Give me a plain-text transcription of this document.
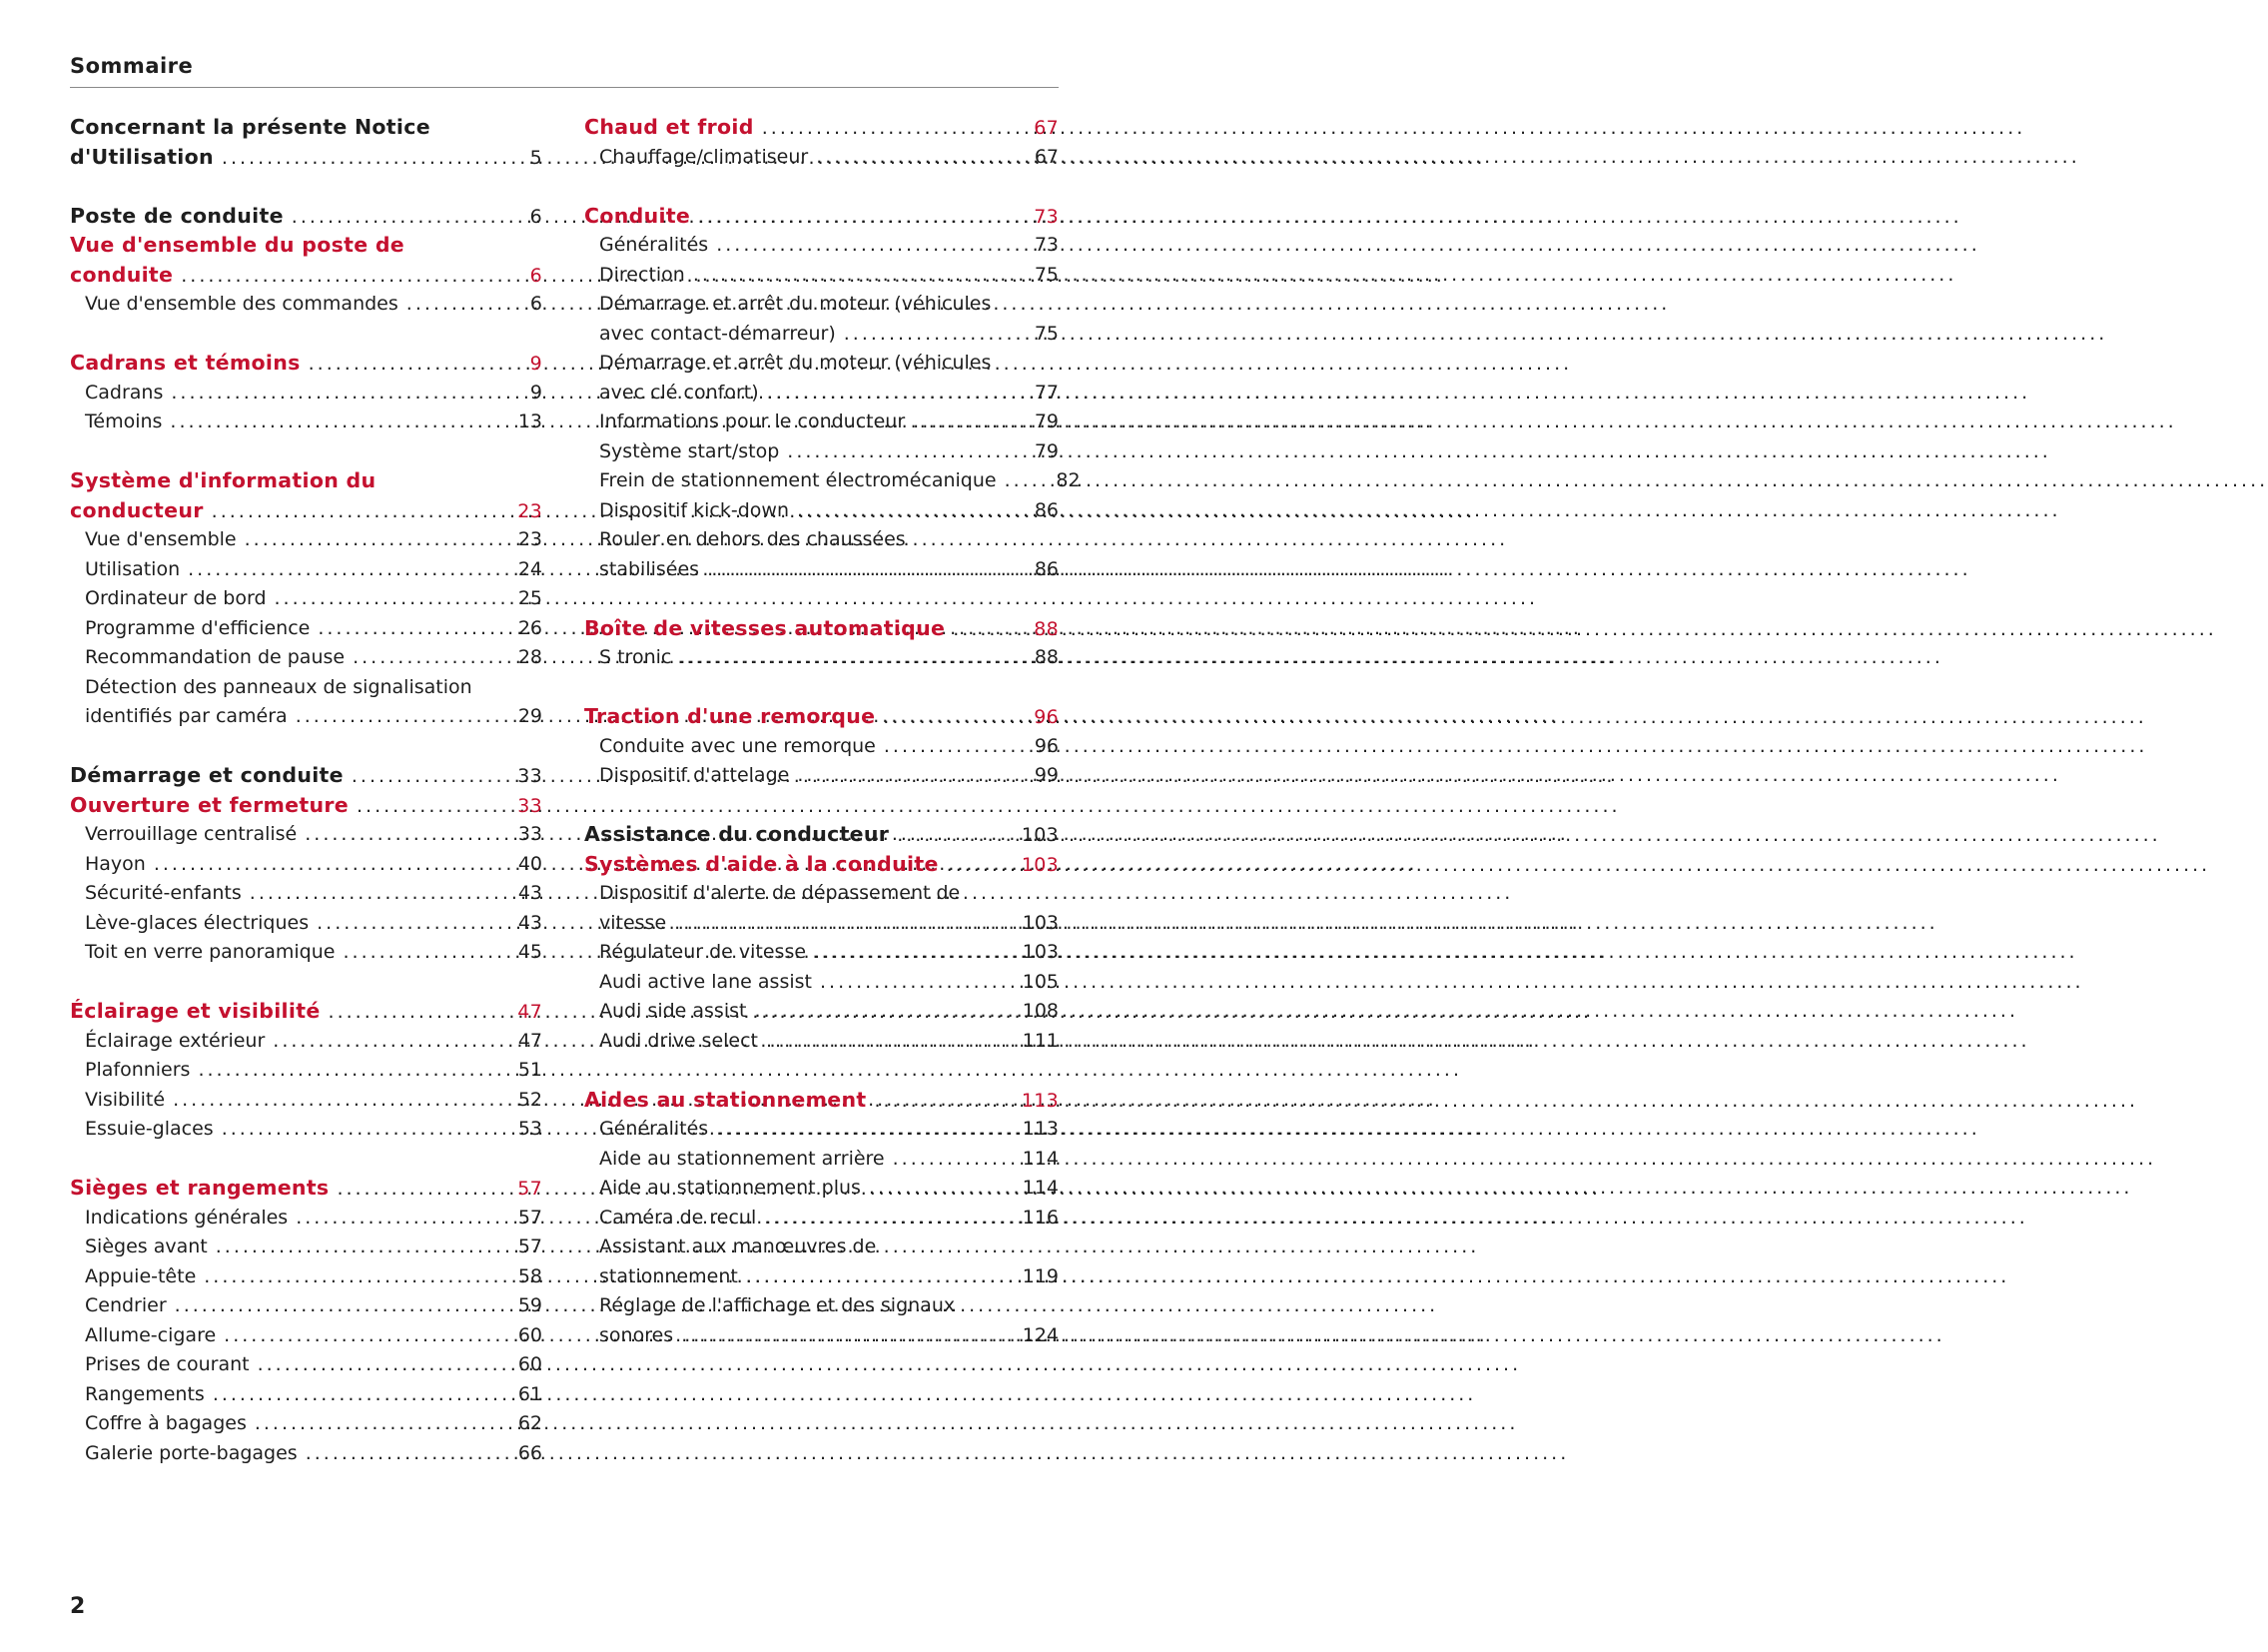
Sommaire
Concernant la présente Notice
d'Utilisation .....	5
Poste de conduite .....	6
Vue d'ensemble du poste de
conduite .....	6
Vue d'ensemble des commandes .....	6
Cadrans et témoins .....	9
Cadrans .....	9
Témoins .....	13
Système d'information du
conducteur .....	23
Vue d'ensemble .....	23
Utilisation .....	24
Ordinateur de bord .....	25
Programme d'efficience .....	26
Recommandation de pause .....	28
Détection des panneaux de signalisation
identifiés par caméra .....	29
Démarrage et conduite .....	33
Ouverture et fermeture .....	33
Verrouillage centralisé .....	33
Hayon .....	40
Sécurité-enfants .....	43
Lève-glaces électriques .....	43
Toit en verre panoramique .....	45
Éclairage et visibilité .....	47
Éclairage extérieur .....	47
Plafonniers .....	51
Visibilité .....	52
Essuie-glaces .....	53
Sièges et rangements .....	57
Indications générales .....	57
Sièges avant .....	57
Appuie-tête .....	58
Cendrier .....	59
Allume-cigare .....	60
Prises de courant .....	60
Rangements .....	61
Coffre à bagages .....	62
Galerie porte-bagages .....	66
Chaud et froid .....	67
Chauffage/climatiseur .....	67
Conduite .....	73
Généralités .....	73
Direction .....	75
Démarrage et arrêt du moteur (véhicules
avec contact-démarreur) .....	75
Démarrage et arrêt du moteur (véhicules
avec clé confort) .....	77
Informations pour le conducteur .....	79
Système start/stop .....	79
Frein de stationnement électromécanique .....	82
Dispositif kick-down .....	86
Rouler en dehors des chaussées
stabilisées .....	86
Boîte de vitesses automatique .....	88
S tronic .....	88
Traction d'une remorque .....	96
Conduite avec une remorque .....	96
Dispositif d'attelage .....	99
Assistance du conducteur .....	103
Systèmes d'aide à la conduite .....	103
Dispositif d'alerte de dépassement de
vitesse .....	103
Régulateur de vitesse .....	103
Audi active lane assist .....	105
Audi side assist .....	108
Audi drive select .....	111
Aides au stationnement .....	113
Généralités .....	113
Aide au stationnement arrière .....	114
Aide au stationnement plus .....	114
Caméra de recul .....	116
Assistant aux manœuvres de
stationnement .....	119
Réglage de l'affichage et des signaux
sonores .....	124
2
